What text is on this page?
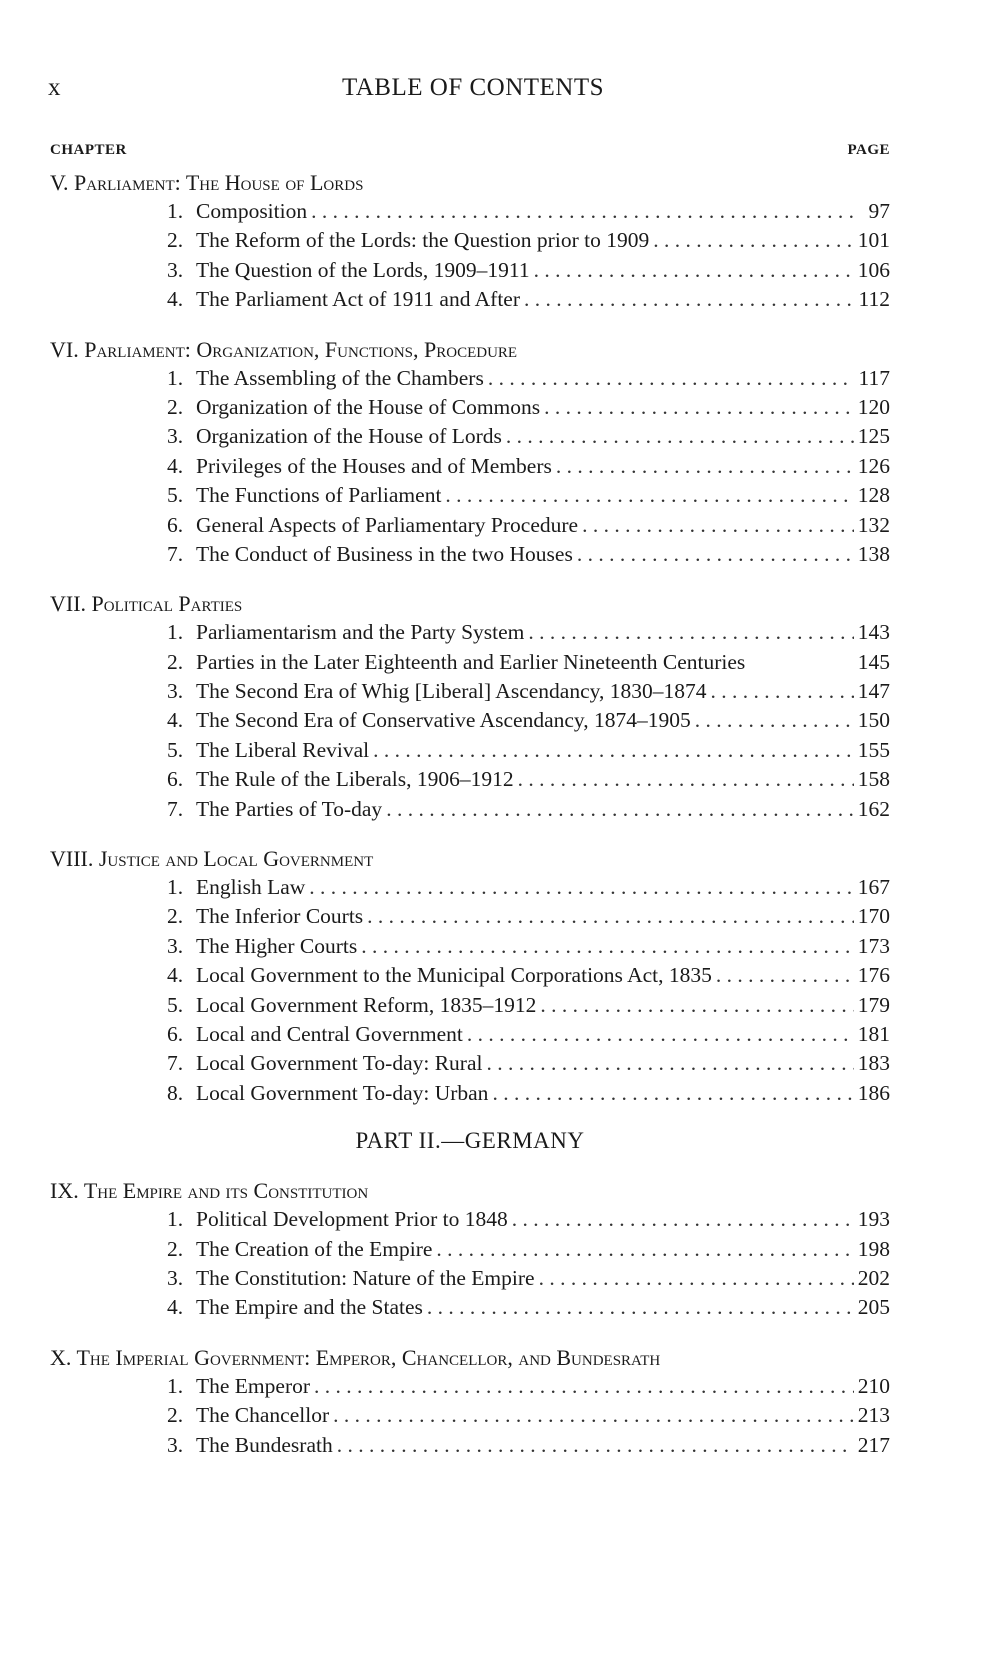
x	TABLE OF CONTENTS
CHAPTER	PAGE
V. Parliament: The House of Lords
1. Composition . . .	97
2. The Reform of the Lords: the Question prior to 1909 . . .	101
3. The Question of the Lords, 1909–1911 . . .	106
4. The Parliament Act of 1911 and After . . .	112
VI. Parliament: Organization, Functions, Procedure
1. The Assembling of the Chambers . . .	117
2. Organization of the House of Commons . . .	120
3. Organization of the House of Lords . . .	125
4. Privileges of the Houses and of Members . . .	126
5. The Functions of Parliament . . .	128
6. General Aspects of Parliamentary Procedure . . .	132
7. The Conduct of Business in the two Houses . . .	138
VII. Political Parties
1. Parliamentarism and the Party System . . .	143
2. Parties in the Later Eighteenth and Earlier Nineteenth Centuries	145
3. The Second Era of Whig [Liberal] Ascendancy, 1830–1874 . . .	147
4. The Second Era of Conservative Ascendancy, 1874–1905 . . .	150
5. The Liberal Revival . . .	155
6. The Rule of the Liberals, 1906–1912 . . .	158
7. The Parties of To-day . . .	162
VIII. Justice and Local Government
1. English Law . . .	167
2. The Inferior Courts . . .	170
3. The Higher Courts . . .	173
4. Local Government to the Municipal Corporations Act, 1835 . . .	176
5. Local Government Reform, 1835–1912 . . .	179
6. Local and Central Government . . .	181
7. Local Government To-day: Rural . . .	183
8. Local Government To-day: Urban . . .	186
PART II.—GERMANY
IX. The Empire and its Constitution
1. Political Development Prior to 1848 . . .	193
2. The Creation of the Empire . . .	198
3. The Constitution: Nature of the Empire . . .	202
4. The Empire and the States . . .	205
X. The Imperial Government: Emperor, Chancellor, and Bundesrath
1. The Emperor . . .	210
2. The Chancellor . . .	213
3. The Bundesrath . . .	217
